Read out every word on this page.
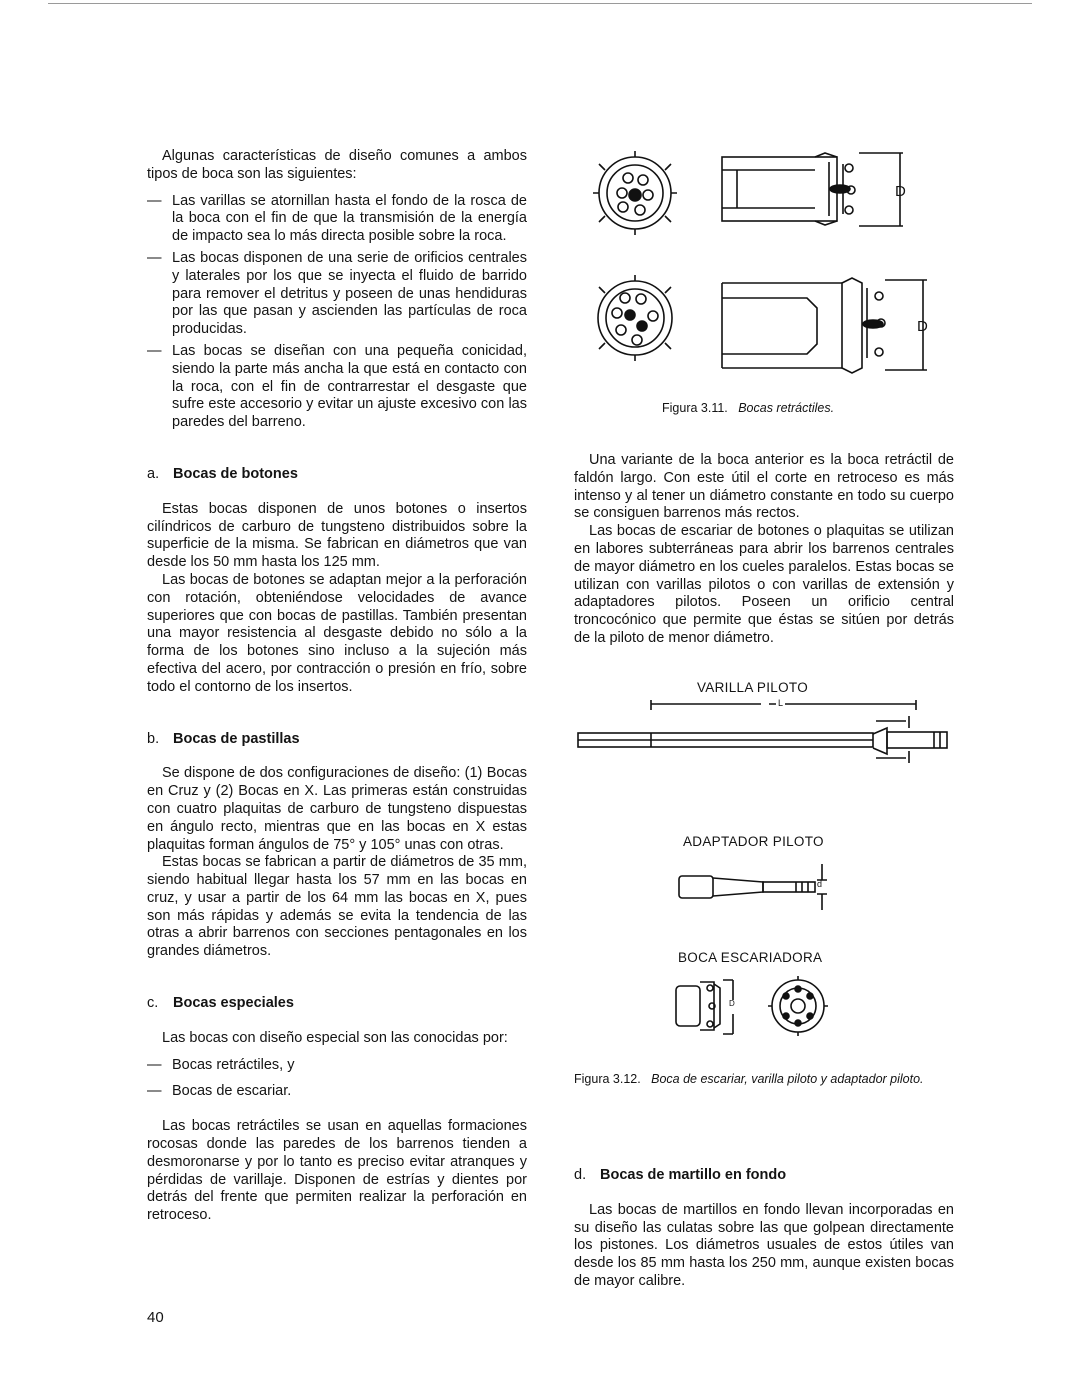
Algunas características de diseño comunes a ambos tipos de boca son las siguientes:

— Las varillas se atornillan hasta el fondo de la rosca de la boca con el fin de que la transmisión de la energía de impacto sea lo más directa posible sobre la roca.

— Las bocas disponen de una serie de orificios centrales y laterales por los que se inyecta el fluido de barrido para remover el detritus y poseen de unas hendiduras por las que pasan y ascienden las partículas de roca producidas.

— Las bocas se diseñan con una pequeña conicidad, siendo la parte más ancha la que está en contacto con la roca, con el fin de contrarrestar el desgaste que sufre este accesorio y evitar un ajuste excesivo con las paredes del barreno.

a. Bocas de botones

Estas bocas disponen de unos botones o insertos cilíndricos de carburo de tungsteno distribuidos sobre la superficie de la misma. Se fabrican en diámetros que van desde los 50 mm hasta los 125 mm.

Las bocas de botones se adaptan mejor a la perforación con rotación, obteniéndose velocidades de avance superiores que con bocas de pastillas. También presentan una mayor resistencia al desgaste debido no sólo a la forma de los botones sino incluso a la sujeción más efectiva del acero, por contracción o presión en frío, sobre todo el contorno de los insertos.

b. Bocas de pastillas

Se dispone de dos configuraciones de diseño: (1) Bocas en Cruz y (2) Bocas en X. Las primeras están construidas con cuatro plaquitas de carburo de tungsteno dispuestas en ángulo recto, mientras que en las bocas en X estas plaquitas forman ángulos de 75° y 105° unas con otras.

Estas bocas se fabrican a partir de diámetros de 35 mm, siendo habitual llegar hasta los 57 mm en las bocas en cruz, y usar a partir de los 64 mm las bocas en X, pues son más rápidas y además se evita la tendencia de las otras a abrir barrenos con secciones pentagonales en los grandes diámetros.

c. Bocas especiales

Las bocas con diseño especial son las conocidas por:

— Bocas retráctiles, y

— Bocas de escariar.

Las bocas retráctiles se usan en aquellas formaciones rocosas donde las paredes de los barrenos tienden a desmoronarse y por lo tanto es preciso evitar atranques y pérdidas de varillaje. Disponen de estrías y dientes por detrás del frente que permiten realizar la perforación en retroceso.

D
D
Figura 3.11. Bocas retráctiles.

Una variante de la boca anterior es la boca retráctil de faldón largo. Con este útil el corte en retroceso es más intenso y al tener un diámetro constante en todo su cuerpo se consiguen barrenos más rectos.

Las bocas de escariar de botones o plaquitas se utilizan en labores subterráneas para abrir los barrenos centrales de mayor diámetro en los cueles paralelos. Estas bocas se utilizan con varillas pilotos o con varillas de extensión y adaptadores pilotos. Poseen un orificio central troncocónico que permite que éstas se sitúen por detrás de la piloto de menor diámetro.

VARILLA PILOTO
L
ADAPTADOR PILOTO
d
BOCA ESCARIADORA
D
Figura 3.12. Boca de escariar, varilla piloto y adaptador piloto.

d. Bocas de martillo en fondo

Las bocas de martillos en fondo llevan incorporadas en su diseño las culatas sobre las que golpean directamente los pistones. Los diámetros usuales de estos útiles van desde los 85 mm hasta los 250 mm, aunque existen bocas de mayor calibre.

40
